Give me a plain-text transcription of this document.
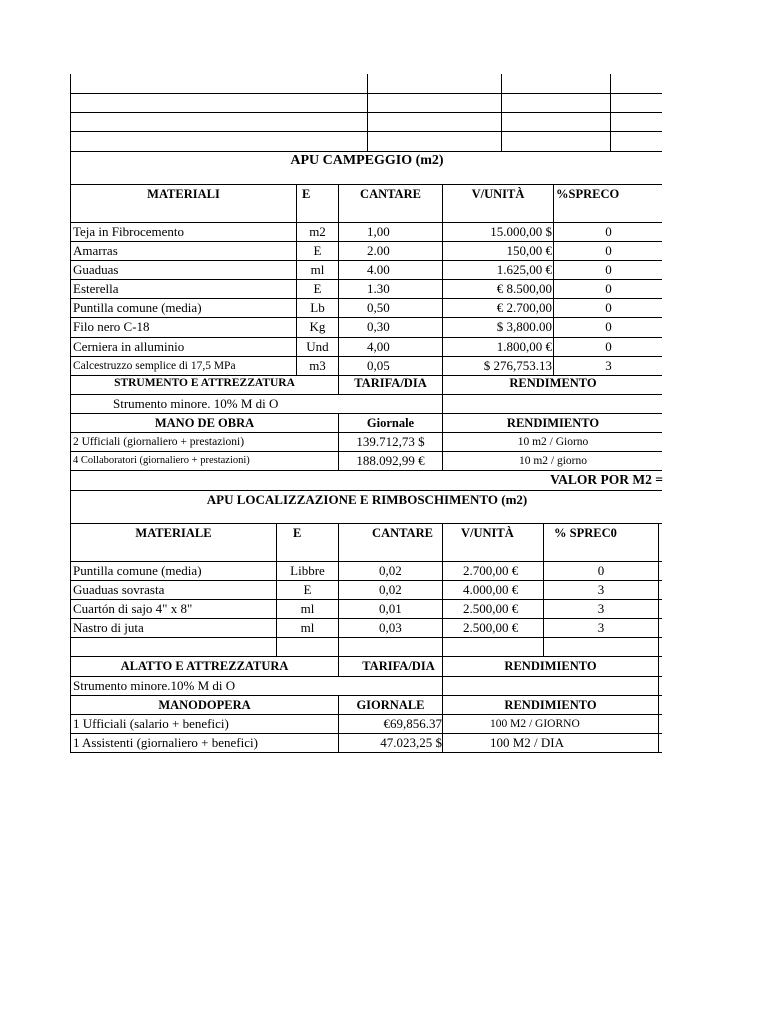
APU CAMPEGGIO (m2)
MATERIALI	E	CANTARE	V/UNITÀ	%SPRECO
Teja in Fibrocemento	m2	1,00	15.000,00 $	0
Amarras	E	2.00	150,00 €	0
Guaduas	ml	4.00	1.625,00 €	0
Esterella	E	1.30	€ 8.500,00	0
Puntilla comune (media)	Lb	0,50	€ 2.700,00	0
Filo nero C-18	Kg	0,30	$ 3,800.00	0
Cerniera in alluminio	Und	4,00	1.800,00 €	0
Calcestruzzo semplice di 17,5 MPa	m3	0,05	$ 276,753.13	3
STRUMENTO E ATTREZZATURA	TARIFA/DIA	RENDIMENTO
Strumento minore. 10% M di O
MANO DE OBRA	Giornale	RENDIMIENTO
2 Ufficiali (giornaliero + prestazioni)	139.712,73 $	10 m2 / Giorno
4 Collaboratori (giornaliero + prestazioni)	188.092,99 €	10 m2 / giorno
VALOR POR M2 =
APU LOCALIZZAZIONE E RIMBOSCHIMENTO (m2)
MATERIALE	E	CANTARE	V/UNITÀ	% SPREC0
Puntilla comune (media)	Libbre	0,02	2.700,00 €	0
Guaduas sovrasta	E	0,02	4.000,00 €	3
Cuartón di sajo 4" x 8"	ml	0,01	2.500,00 €	3
Nastro di juta	ml	0,03	2.500,00 €	3
ALATTO E ATTREZZATURA	TARIFA/DIA	RENDIMIENTO
Strumento minore.10% M di O
MANODOPERA	GIORNALE	RENDIMIENTO
1 Ufficiali (salario + benefici)	€69,856.37	100 M2 / GIORNO
1 Assistenti (giornaliero + benefici)	47.023,25 $	100 M2 / DIA
